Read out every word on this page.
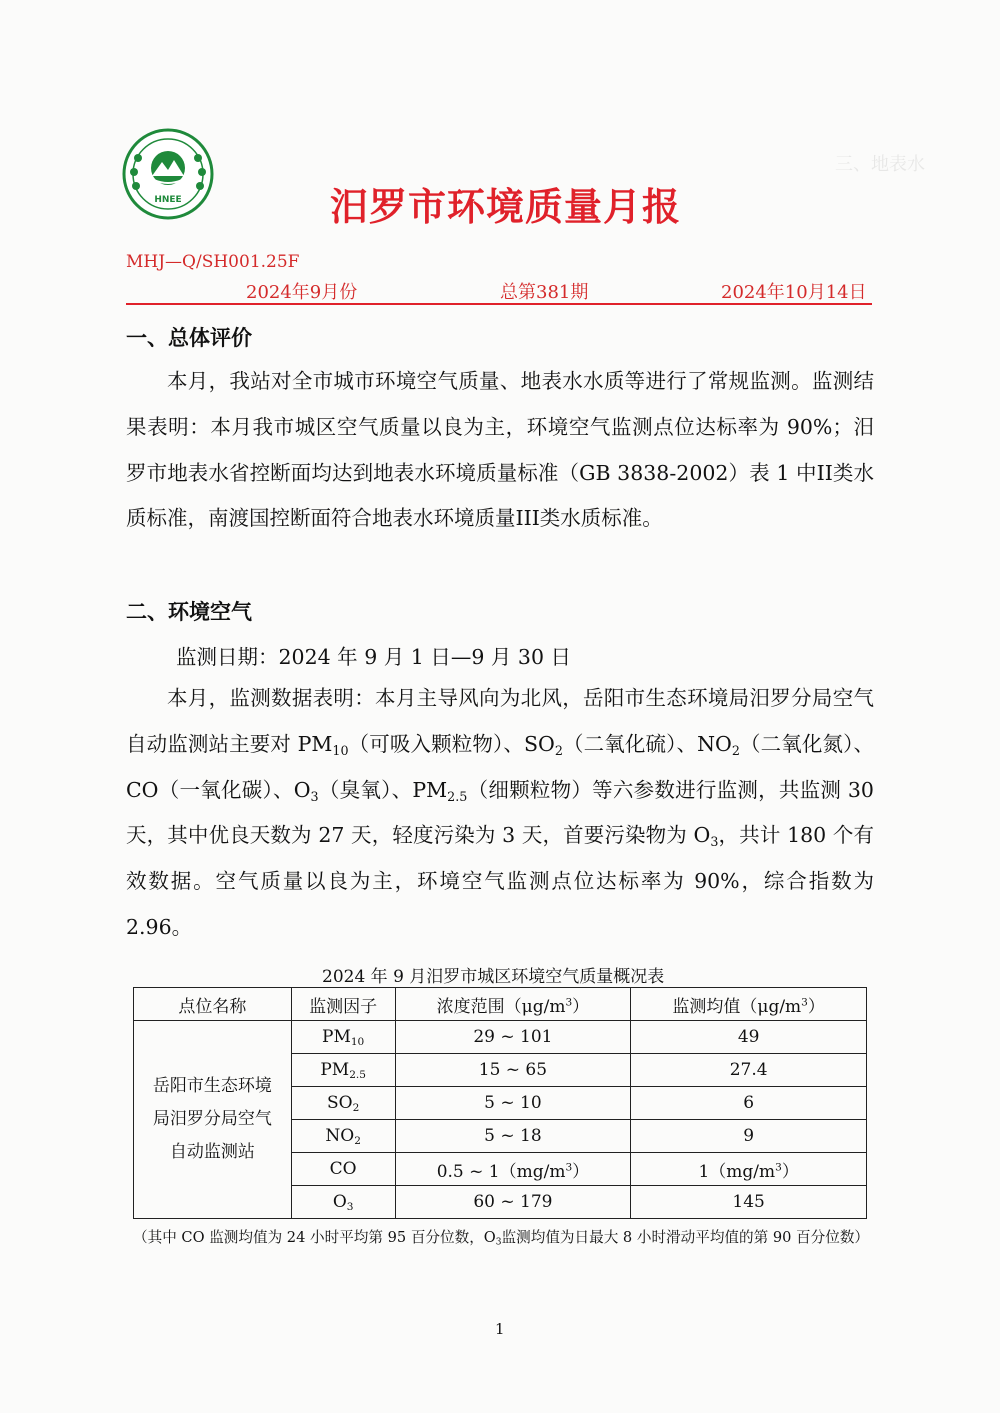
三、地表水
HNEE	汨罗市环境质量月报
MHJ—Q/SH001.25F
2024年9月份	总第381期	2024年10月14日
一、总体评价

本月，我站对全市城市环境空气质量、地表水水质等进行了常规监测。监测结果表明：本月我市城区空气质量以良为主，环境空气监测点位达标率为 90%；汨罗市地表水省控断面均达到地表水环境质量标准（GB 3838-2002）表 1 中II类水质标准，南渡国控断面符合地表水环境质量III类水质标准。

二、环境空气
监测日期：2024 年 9 月 1 日—9 月 30 日

本月，监测数据表明：本月主导风向为北风，岳阳市生态环境局汨罗分局空气自动监测站主要对 $PM_{10}$（可吸入颗粒物）、$SO_2$（二氧化硫）、$NO_2$（二氧化氮）、CO（一氧化碳）、$O_3$（臭氧）、$PM_{2.5}$（细颗粒物）等六参数进行监测，共监测 30 天，其中优良天数为 27 天，轻度污染为 3 天，首要污染物为 $O_3$，共计 180 个有效数据。空气质量以良为主，环境空气监测点位达标率为 90%，综合指数为 2.96。

2024 年 9 月汨罗市城区环境空气质量概况表
点位名称	监测因子	浓度范围$(\mu g/m^3)$	监测均值$(\mu g/m^3)$

岳阳市生态环境
局汨罗分局空气
自动监测站	$PM_{10}$	29 ~ 101	49
	$PM_{2.5}$	15 ~ 65	27.4
	$SO_2$	5 ~ 10	6
	$NO_2$	5 ~ 18	9
	CO	0.5 ~ $1(mg/m^3)$	$1(mg/m^3)$
	$O_3$	60 ~ 179	145
（其中 CO 监测均值为 24 小时平均第 95 百分位数，$O_3$监测均值为日最大 8 小时滑动平均值的第 90 百分位数）
1
